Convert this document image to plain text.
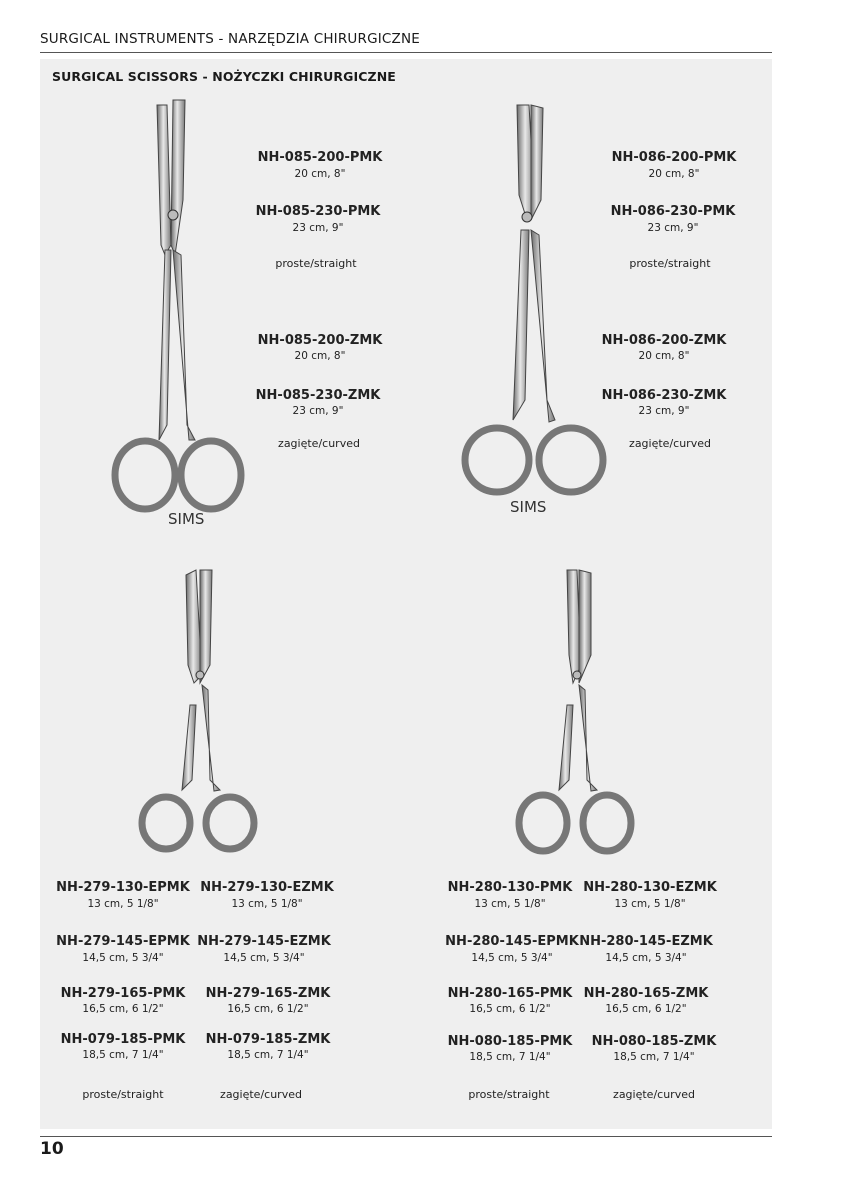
SURGICAL INSTRUMENTS - NARZĘDZIA CHIRURGICZNE
SURGICAL SCISSORS - NOŻYCZKI CHIRURGICZNE
SIMS
SIMS
NH-085-200-PMK
20 cm, 8"
NH-085-230-PMK
23 cm, 9"
proste/straight
NH-085-200-ZMK
20 cm, 8"
NH-085-230-ZMK
23 cm, 9"
zagięte/curved
NH-086-200-PMK
20 cm, 8"
NH-086-230-PMK
23 cm, 9"
proste/straight
NH-086-200-ZMK
20 cm, 8"
NH-086-230-ZMK
23 cm, 9"
zagięte/curved
NH-279-130-EPMK
13 cm, 5 1/8"
NH-279-145-EPMK
14,5 cm, 5 3/4"
NH-279-165-PMK
16,5 cm, 6 1/2"
NH-079-185-PMK
18,5 cm, 7 1/4"
proste/straight
NH-279-130-EZMK
13 cm, 5 1/8"
NH-279-145-EZMK
14,5 cm, 5 3/4"
NH-279-165-ZMK
16,5 cm, 6 1/2"
NH-079-185-ZMK
18,5 cm, 7 1/4"
zagięte/curved
NH-280-130-PMK
13 cm, 5 1/8"
NH-280-145-EPMK
14,5 cm, 5 3/4"
NH-280-165-PMK
16,5 cm, 6 1/2"
NH-080-185-PMK
18,5 cm, 7 1/4"
proste/straight
NH-280-130-EZMK
13 cm, 5 1/8"
NH-280-145-EZMK
14,5 cm, 5 3/4"
NH-280-165-ZMK
16,5 cm, 6 1/2"
NH-080-185-ZMK
18,5 cm, 7 1/4"
zagięte/curved
10
